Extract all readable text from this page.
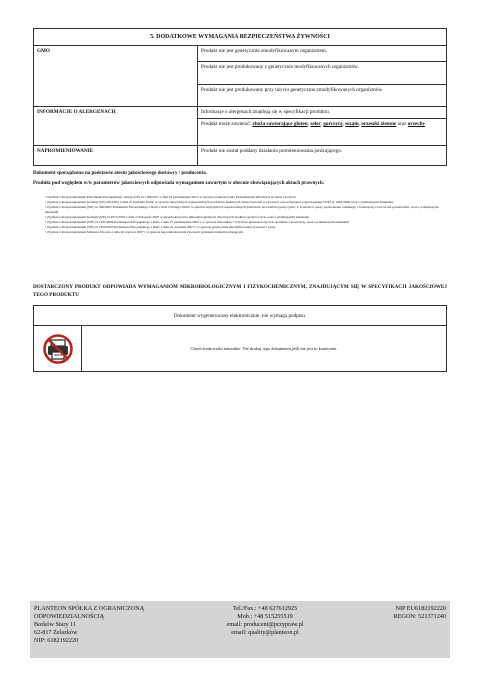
5. DODATKOWE WYMAGANIA BEZPIECZEŃSTWA ŻYWNOŚCI	
GMO	Produkt nie jest genetycznie zmodyfikowanym organizmem.
	Produkt nie jest produkowany z genetycznie modyfikowanych organizmów.
	Produkt nie jest produkowany przy użyciu genetycznie zmodyfikowanych organizmów.
INFORMACJE O ALERGENACH	Informacje o alergenach znajdują się w specyfikacji produktu.
	Produkt może zawierać: zboża zawierające gluten, seler, gorczycę, sezam, orzeszki ziemne oraz orzechy.
NAPROMIENIOWANIE	Produkt nie został poddany działaniu promieniowania jonizującego.
Dokument sporządzono na podstawie atestu jakościowego dostawcy / producenta.
Produkt pod względem w/w parametrów jakościowych odpowiada wymaganiom zawartym w obecnie obowiązujących aktach prawnych.
• Zgodnie z Rozporządzeniem Parlamentu Europejskiego i Rady (UE) nr 1169/2011 z dnia 25 października 2011r w sprawie przekazywania konsumentom informacji na temat żywności
• Zgodnie z Rozporządzeniem Komisji (UE) 2023/915 z dnia 25 kwietnia 2023r. w sprawie najwyższych dopuszczalnych poziomów niektórych zanieczyszczeń w żywności oraz uchylające rozporządzenie (WE) nr 1881/2006 wraz z późniejszymi zmianami
• Zgodnie z Rozporządzeniem (WE) nr 396/2005 Parlamentu Europejskiego i Rady z dnia 23 lutego 2005r. w sprawie najwyższych dopuszczalnych poziomów pozostałości pestycydów w żywności i paszy pochodzenia roślinnego i zwierzęcego oraz na ich powierzchni, wraz z późniejszymi zmianami
• Zgodnie z Rozporządzeniem Komisji (WE) nr 2073/2005 z dnia 15 listopada 2005 w sprawie kryteriów mikrobiologicznych dotyczących środków spożywczych, wraz z późniejszymi zmianami
• Zgodnie z Rozporządzeniem (WE) nr 1935/2004 Parlamentu Europejskiego i Rady z dnia 27 października 2004 r. w sprawie materiałów i wyrobów przeznaczonych do kontaktu z żywnością, wraz z późniejszymi zmianami
• Zgodnie z Rozporządzeniem (WE) nr 1829/2003 Parlamentu Europejskiego i Rady z dnia 22 września 2003 r. w sprawie genetycznie zmodyfikowanej żywności i paszy
• Zgodnie z Rozporządzeniem Ministra Zdrowia z dnia 20 czerwca 2007 r w sprawie napromieniowania żywności promieniowaniem jonizującym.
DOSTARCZONY PRODUKT ODPOWIADA WYMAGANIOM MIKROBIOLOGICZNYM I FIZYKOCHEMICZNYM, ZNAJDUJĄCYM SIĘ W SPECYFIKACJI JAKOŚCIOWEJ TEGO PRODUKTU
Dokument wygenerowany elektronicznie, nie wymaga podpisu.
Chroń środowisko naturalne. Nie drukuj tego dokumentu jeśli nie jest to konieczne.
PLANTEON SPÓŁKA Z OGRANICZONĄ
ODPOWIEDZIALNOŚCIĄ
Borków Stary 11
62-817 Żelazków
NIP: 6182192220
Tel./Fax.: +48 627612925
Mob.: +48 515255519
email: producent@przypraw.pl
email: quality@planteon.pl
NIP EU6182192220
REGON: 521371240
